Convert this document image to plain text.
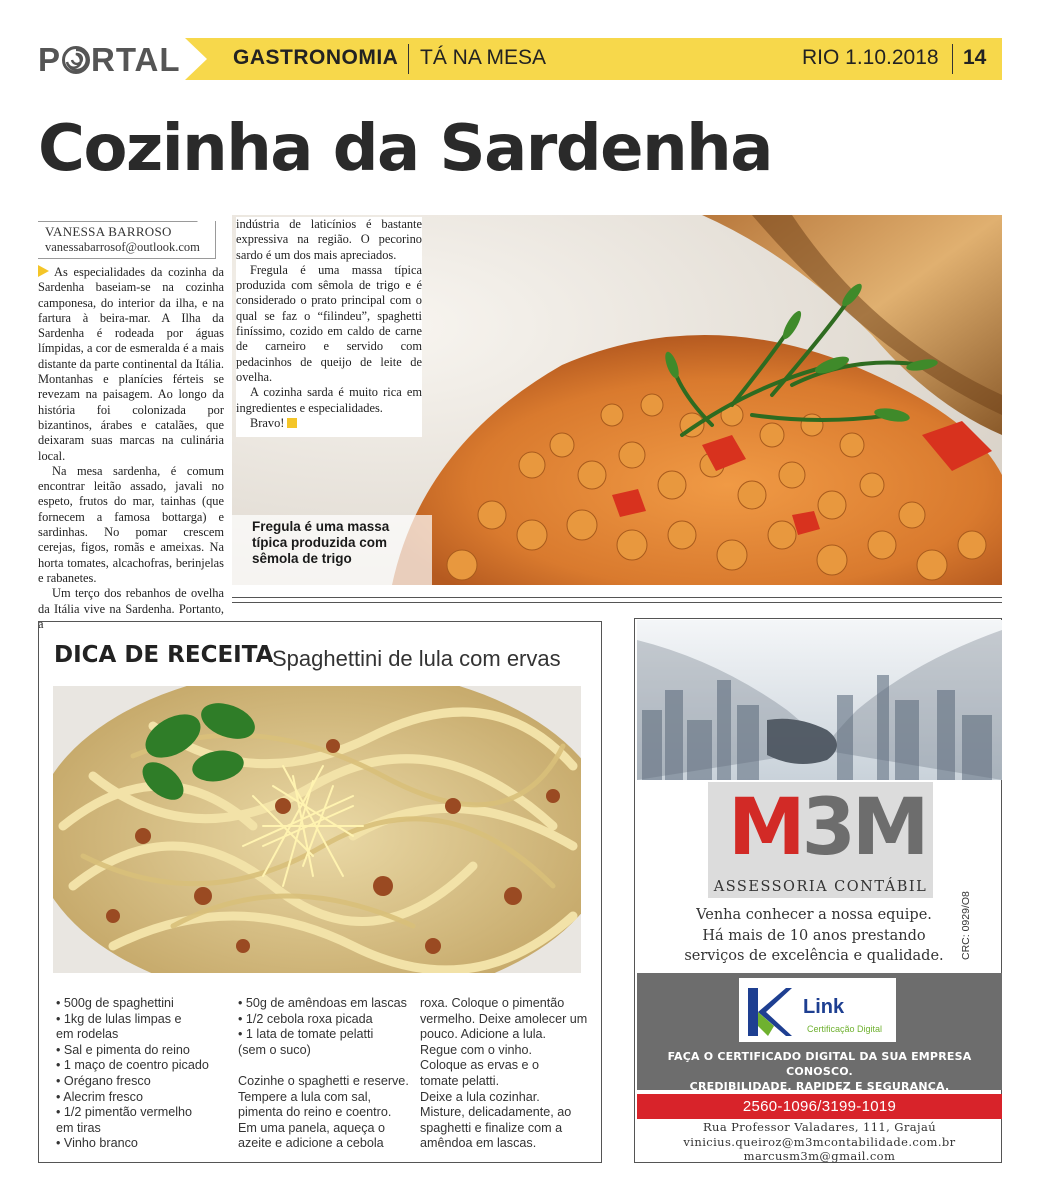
P RTAL GASTRONOMIA TÁ NA MESA	RIO 1.10.2018 14
Cozinha da Sardenha
Fregula é uma massa típica produzida com sêmola de trigo
VANESSA BARROSO
vanessabarrosof@outlook.com

As especialidades da cozinha da Sardenha baseiam-se na cozinha camponesa, do interior da ilha, e na fartura à beira-mar. A Ilha da Sardenha é rodeada por águas límpidas, a cor de esmeralda é a mais distante da parte continental da Itália. Montanhas e planícies férteis se revezam na paisagem. Ao longo da história foi colonizada por bizantinos, árabes e catalães, que deixaram suas marcas na culinária local.

Na mesa sardenha, é comum encontrar leitão assado, javali no espeto, frutos do mar, tainhas (que fornecem a famosa bottarga) e sardinhas. No pomar crescem cerejas, figos, romãs e ameixas. Na horta tomates, alcachofras, berinjelas e rabanetes.

Um terço dos rebanhos de ovelha da Itália vive na Sardenha. Portanto, a

indústria de laticínios é bastante expressiva na região. O pecorino sardo é um dos mais apreciados.

Fregula é uma massa típica produzida com sêmola de trigo e é considerado o prato principal com o qual se faz o “filindeu”, spaghetti finíssimo, cozido em caldo de carne de carneiro e servido com pedacinhos de queijo de leite de ovelha.

A cozinha sarda é muito rica em ingredientes e especialidades.

Bravo!

DICA DE RECEITA
Spaghettini de lula com ervas
• 500g de spaghettini
• 1kg de lulas limpas e
em rodelas
• Sal e pimenta do reino
• 1 maço de coentro picado
• Orégano fresco
• Alecrim fresco
• 1/2 pimentão vermelho
em tiras
• Vinho branco
• 50g de amêndoas em lascas
• 1/2 cebola roxa picada
• 1 lata de tomate pelatti
(sem o suco)
Cozinhe o spaghetti e reserve.
Tempere a lula com sal,
pimenta do reino e coentro.
Em uma panela, aqueça o
azeite e adicione a cebola
roxa. Coloque o pimentão
vermelho. Deixe amolecer um
pouco. Adicione a lula.
Regue com o vinho.
Coloque as ervas e o
tomate pelatti.
Deixe a lula cozinhar.
Misture, delicadamente, ao
spaghetti e finalize com a
amêndoa em lascas.
M3M
ASSESSORIA CONTÁBIL
Venha conhecer a nossa equipe.
Há mais de 10 anos prestando
serviços de excelência e qualidade.	CRC: 0929/O8
Link
Certificação Digital
FAÇA O CERTIFICADO DIGITAL DA SUA EMPRESA CONOSCO.
CREDIBILIDADE, RAPIDEZ E SEGURANÇA.
2560-1096/3199-1019
Rua Professor Valadares, 111, Grajaú
vinicius.queiroz@m3mcontabilidade.com.br
marcusm3m@gmail.com
